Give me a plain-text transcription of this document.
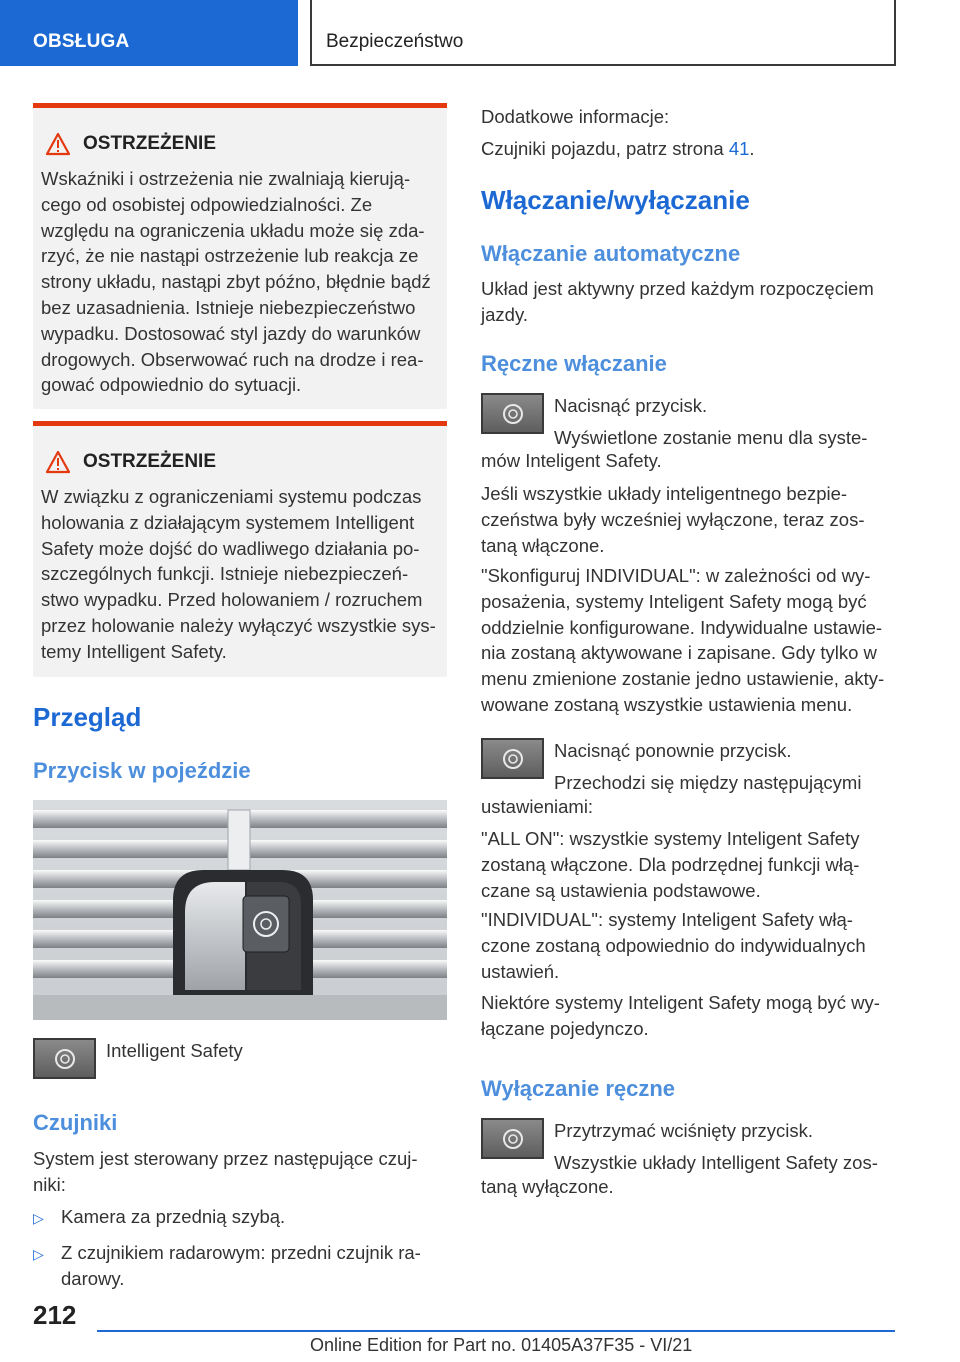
OBSŁUGA	Bezpieczeństwo
OSTRZEŻENIE
Wskaźniki i ostrzeżenia nie zwalniają kierują-
cego od osobistej odpowiedzialności. Ze
względu na ograniczenia układu może się zda-
rzyć, że nie nastąpi ostrzeżenie lub reakcja ze
strony układu, nastąpi zbyt późno, błędnie bądź
bez uzasadnienia. Istnieje niebezpieczeństwo
wypadku. Dostosować styl jazdy do warunków
drogowych. Obserwować ruch na drodze i rea-
gować odpowiednio do sytuacji.
OSTRZEŻENIE
W związku z ograniczeniami systemu podczas
holowania z działającym systemem Intelligent
Safety może dojść do wadliwego działania po-
szczególnych funkcji. Istnieje niebezpieczeń-
stwo wypadku. Przed holowaniem / rozruchem
przez holowanie należy wyłączyć wszystkie sys-
temy Intelligent Safety.
Przegląd
Przycisk w pojeździe
Intelligent Safety
Czujniki
System jest sterowany przez następujące czuj-
niki:
▷ Kamera za przednią szybą.
▷ Z czujnikiem radarowym: przedni czujnik ra-
darowy.
Dodatkowe informacje:
Czujniki pojazdu, patrz strona 41.
Włączanie/wyłączanie
Włączanie automatyczne
Układ jest aktywny przed każdym rozpoczęciem
jazdy.
Ręczne włączanie
Nacisnąć przycisk.
Wyświetlone zostanie menu dla syste-
mów Inteligent Safety.
Jeśli wszystkie układy inteligentnego bezpie-
czeństwa były wcześniej wyłączone, teraz zos-
taną włączone.
"Skonfiguruj INDIVIDUAL": w zależności od wy-
posażenia, systemy Inteligent Safety mogą być
oddzielnie konfigurowane. Indywidualne ustawie-
nia zostaną aktywowane i zapisane. Gdy tylko w
menu zmienione zostanie jedno ustawienie, akty-
wowane zostaną wszystkie ustawienia menu.
Nacisnąć ponownie przycisk.
Przechodzi się między następującymi
ustawieniami:
"ALL ON": wszystkie systemy Inteligent Safety
zostaną włączone. Dla podrzędnej funkcji włą-
czane są ustawienia podstawowe.
"INDIVIDUAL": systemy Inteligent Safety włą-
czone zostaną odpowiednio do indywidualnych
ustawień.
Niektóre systemy Inteligent Safety mogą być wy-
łączane pojedynczo.
Wyłączanie ręczne
Przytrzymać wciśnięty przycisk.
Wszystkie układy Intelligent Safety zos-
taną wyłączone.
212
Online Edition for Part no. 01405A37F35 - VI/21
